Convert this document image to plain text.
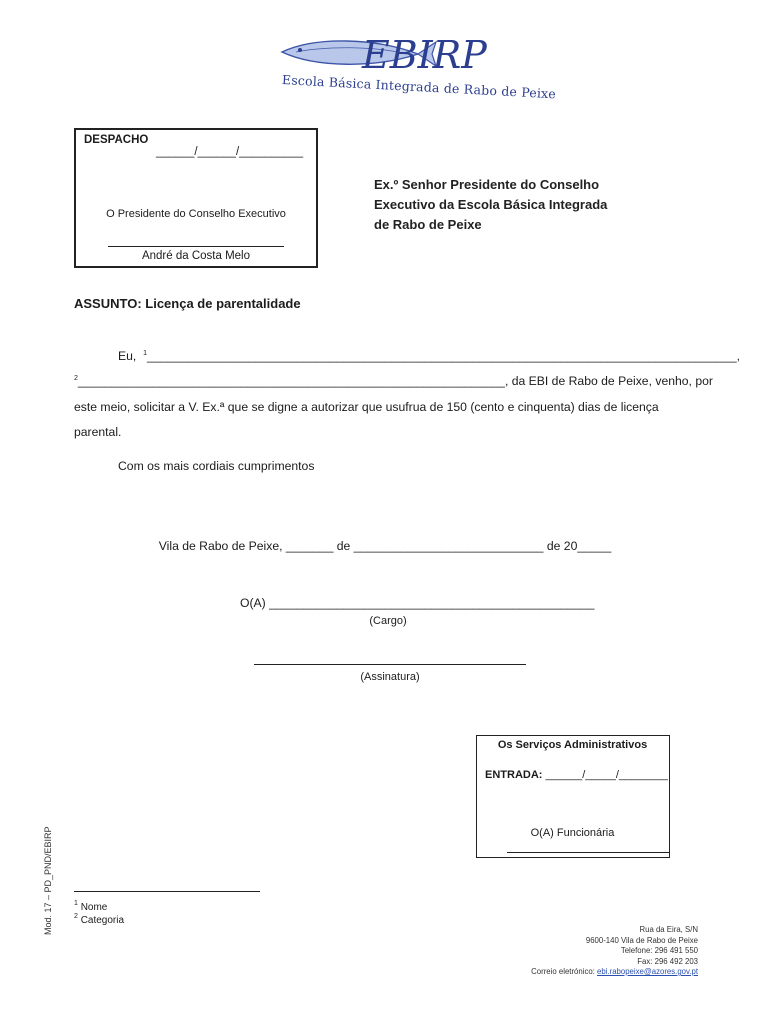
EBIRP
Escola Básica Integrada de Rabo de Peixe
DESPACHO
______/______/__________
O Presidente do Conselho Executivo
André da Costa Melo
Ex.º Senhor Presidente do Conselho
Executivo da Escola Básica Integrada
de Rabo de Peixe
ASSUNTO: Licença de parentalidade
Eu, $^1$_______________________________________________________________________________________,
$^2$_______________________________________________________________, da EBI de Rabo de Peixe, venho, por
este meio, solicitar a V. Ex.ª que se digne a autorizar que usufrua de 150 (cento e cinquenta) dias de licença
parental.
Com os mais cordiais cumprimentos
Vila de Rabo de Peixe, _______ de ____________________________ de 20_____
O(A) ________________________________________________
(Cargo)
(Assinatura)
Os Serviços Administrativos
ENTRADA: ______/_____/________
O(A) Funcionária
Mod. 17 – PD_PND/EBIRP	$^1$ Nome
$^2$ Categoria
Rua da Eira, S/N
9600-140 Vila de Rabo de Peixe
Telefone: 296 491 550
Fax: 296 492 203
Correio eletrónico: ebi.rabopeixe@azores.gov.pt
